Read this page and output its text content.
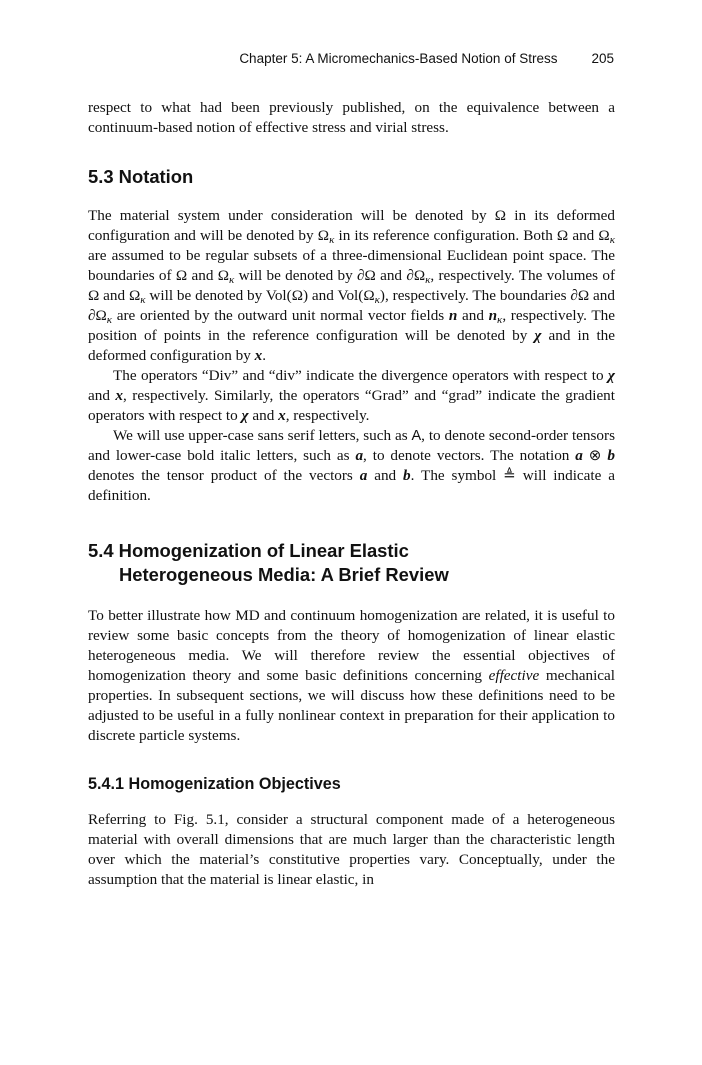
Chapter 5: A Micromechanics-Based Notion of Stress	205

respect to what had been previously published, on the equivalence between a continuum-based notion of effective stress and virial stress.

5.3 Notation

The material system under consideration will be denoted by Ω in its deformed configuration and will be denoted by $\Omega_\kappa$ in its reference configuration. Both Ω and $\Omega_\kappa$ are assumed to be regular subsets of a three-dimensional Euclidean point space. The boundaries of Ω and $\Omega_\kappa$ will be denoted by ∂Ω and $\partial\Omega_\kappa$, respectively. The volumes of Ω and $\Omega_\kappa$ will be denoted by Vol(Ω) and $Vol(\Omega_\kappa)$, respectively. The boundaries ∂Ω and $\partial\Omega_\kappa$ are oriented by the outward unit normal vector fields n and $n_\kappa$, respectively. The position of points in the reference configuration will be denoted by χ and in the deformed configuration by x.

The operators “Div” and “div” indicate the divergence operators with respect to χ and x, respectively. Similarly, the operators “Grad” and “grad” indicate the gradient operators with respect to χ and x, respectively.

We will use upper-case sans serif letters, such as A, to denote second-order tensors and lower-case bold italic letters, such as a, to denote vectors. The notation a ⊗ b denotes the tensor product of the vectors a and b. The symbol ≜ will indicate a definition.

5.4 Homogenization of Linear Elastic
Heterogeneous Media: A Brief Review

To better illustrate how MD and continuum homogenization are related, it is useful to review some basic concepts from the theory of homogenization of linear elastic heterogeneous media. We will therefore review the essential objectives of homogenization theory and some basic definitions concerning effective mechanical properties. In subsequent sections, we will discuss how these definitions need to be adjusted to be useful in a fully nonlinear context in preparation for their application to discrete particle systems.

5.4.1 Homogenization Objectives

Referring to Fig. 5.1, consider a structural component made of a heterogeneous material with overall dimensions that are much larger than the characteristic length over which the material’s constitutive properties vary. Conceptually, under the assumption that the material is linear elastic, in
